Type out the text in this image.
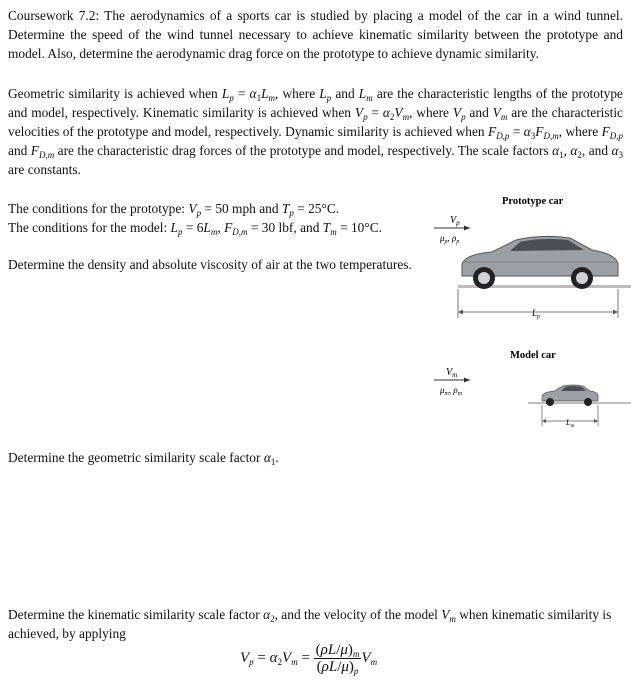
Coursework 7.2: The aerodynamics of a sports car is studied by placing a model of the car in a wind tunnel. Determine the speed of the wind tunnel necessary to achieve kinematic similarity between the prototype and model. Also, determine the aerodynamic drag force on the prototype to achieve dynamic similarity.

Geometric similarity is achieved when $L_p = \alpha_1L_m$, where $L_p$ and $L_m$ are the characteristic lengths of the prototype and model, respectively. Kinematic similarity is achieved when $V_p = \alpha_2V_m$, where $V_p$ and $V_m$ are the characteristic velocities of the prototype and model, respectively. Dynamic similarity is achieved when $F_{D,p} = \alpha_3F_{D,m}$, where $F_{D,p}$ and $F_{D,m}$ are the characteristic drag forces of the prototype and model, respectively. The scale factors $\alpha_1$, $\alpha_2$, and $\alpha_3$ are constants.

The conditions for the prototype: $V_p = 50$ mph and $T_p = 25^\circ C$.

The conditions for the model: $L_p = 6L_m$, $F_{D,m} = 30$ lbf, and $T_m = 10^\circ C$.

Determine the density and absolute viscosity of air at the two temperatures.

Prototype car
$V_p$
$\mu_p$, $\rho_p$
$L_p$
Model car
$V_m$
$\mu_m$, $\rho_m$
$L_m$

Determine the geometric similarity scale factor $\alpha_1$.

Determine the kinematic similarity scale factor $\alpha_2$, and the velocity of the model $V_m$ when kinematic similarity is achieved, by applying

$V_p = \alpha_2V_m = \frac{(\rho L/\mu)_m}{(\rho L/\mu)_p} V_m$
